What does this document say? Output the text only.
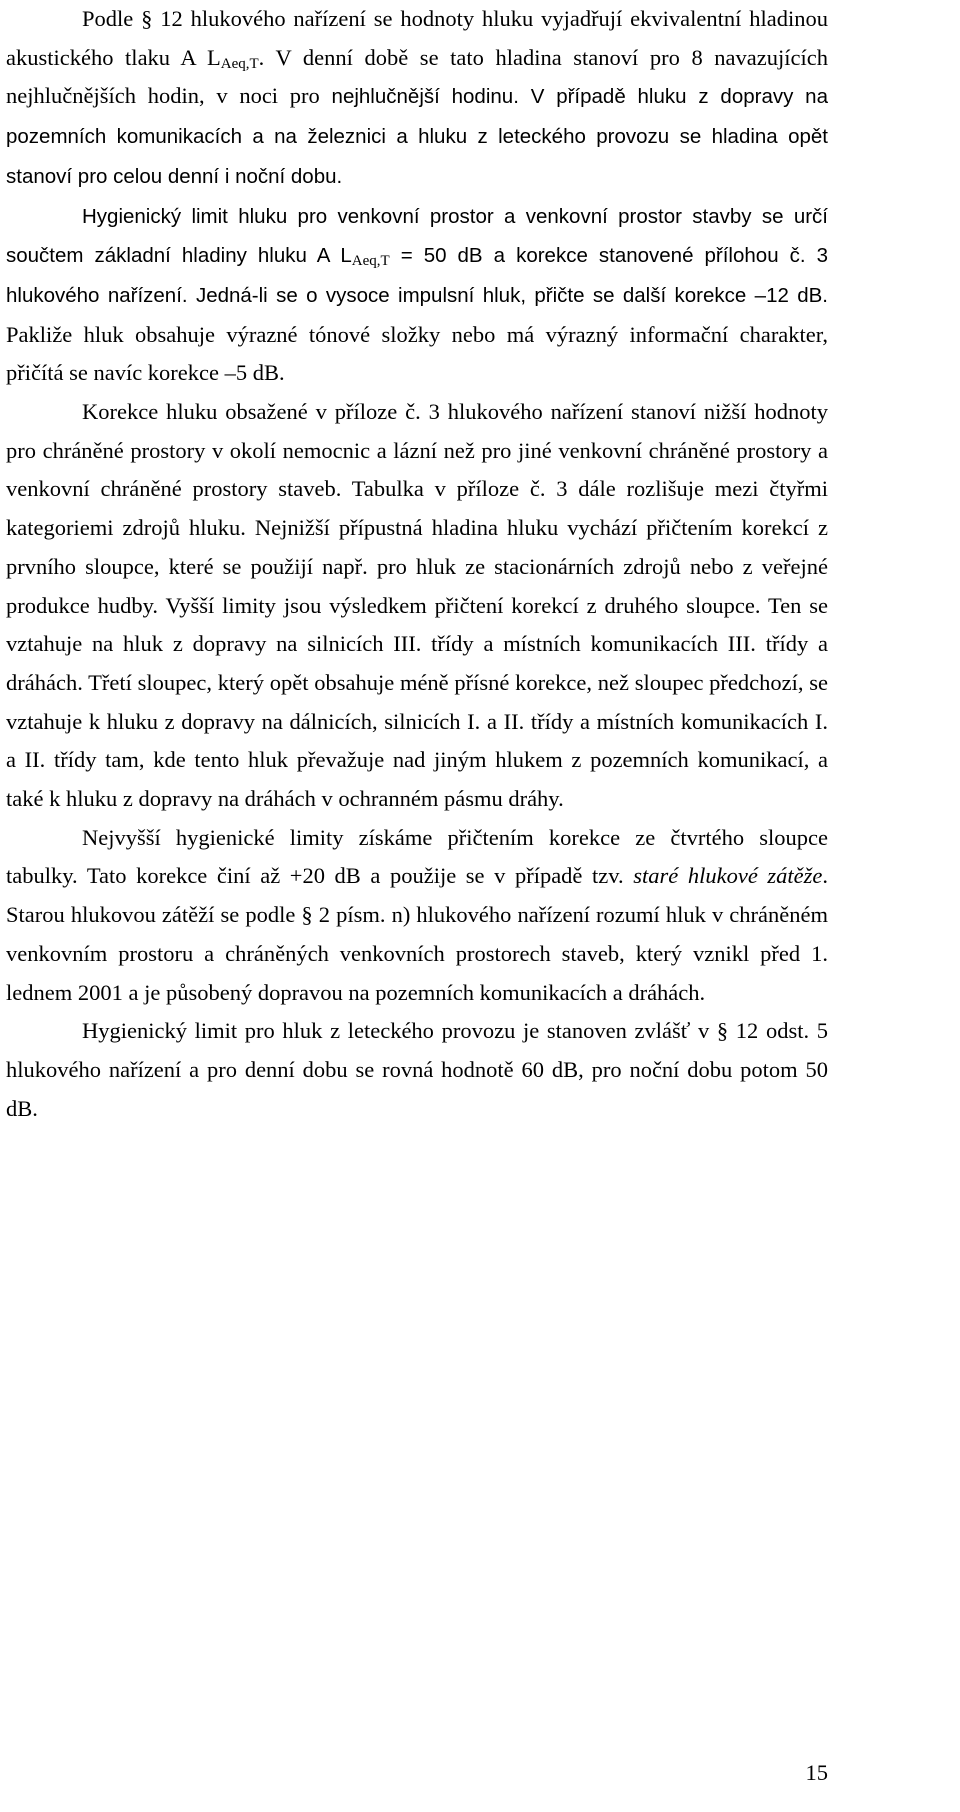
Podle § 12 hlukového nařízení se hodnoty hluku vyjadřují ekvivalentní hladinou akustického tlaku A $L_{Aeq,T}$. V denní době se tato hladina stanoví pro 8 navazujících nejhlučnějších hodin, v noci pro nejhlučnější hodinu. V případě hluku z dopravy na pozemních komunikacích a na železnici a hluku z leteckého provozu se hladina opět stanoví pro celou denní i noční dobu.

Hygienický limit hluku pro venkovní prostor a venkovní prostor stavby se určí součtem základní hladiny hluku A $L_{Aeq,T} = 50$ dB a korekce stanovené přílohou č. 3 hlukového nařízení. Jedná-li se o vysoce impulsní hluk, přičte se další korekce –12 dB. Pakliže hluk obsahuje výrazné tónové složky nebo má výrazný informační charakter, přičítá se navíc korekce –5 dB.

Korekce hluku obsažené v příloze č. 3 hlukového nařízení stanoví nižší hodnoty pro chráněné prostory v okolí nemocnic a lázní než pro jiné venkovní chráněné prostory a venkovní chráněné prostory staveb. Tabulka v příloze č. 3 dále rozlišuje mezi čtyřmi kategoriemi zdrojů hluku. Nejnižší přípustná hladina hluku vychází přičtením korekcí z prvního sloupce, které se použijí např. pro hluk ze stacionárních zdrojů nebo z veřejné produkce hudby. Vyšší limity jsou výsledkem přičtení korekcí z druhého sloupce. Ten se vztahuje na hluk z dopravy na silnicích III. třídy a místních komunikacích III. třídy a dráhách. Třetí sloupec, který opět obsahuje méně přísné korekce, než sloupec předchozí, se vztahuje k hluku z dopravy na dálnicích, silnicích I. a II. třídy a místních komunikacích I. a II. třídy tam, kde tento hluk převažuje nad jiným hlukem z pozemních komunikací, a také k hluku z dopravy na dráhách v ochranném pásmu dráhy.

Nejvyšší hygienické limity získáme přičtením korekce ze čtvrtého sloupce tabulky. Tato korekce činí až +20 dB a použije se v případě tzv. staré hlukové zátěže. Starou hlukovou zátěží se podle § 2 písm. n) hlukového nařízení rozumí hluk v chráněném venkovním prostoru a chráněných venkovních prostorech staveb, který vznikl před 1. lednem 2001 a je působený dopravou na pozemních komunikacích a dráhách.

Hygienický limit pro hluk z leteckého provozu je stanoven zvlášť v § 12 odst. 5 hlukového nařízení a pro denní dobu se rovná hodnotě 60 dB, pro noční dobu potom 50 dB.

15
